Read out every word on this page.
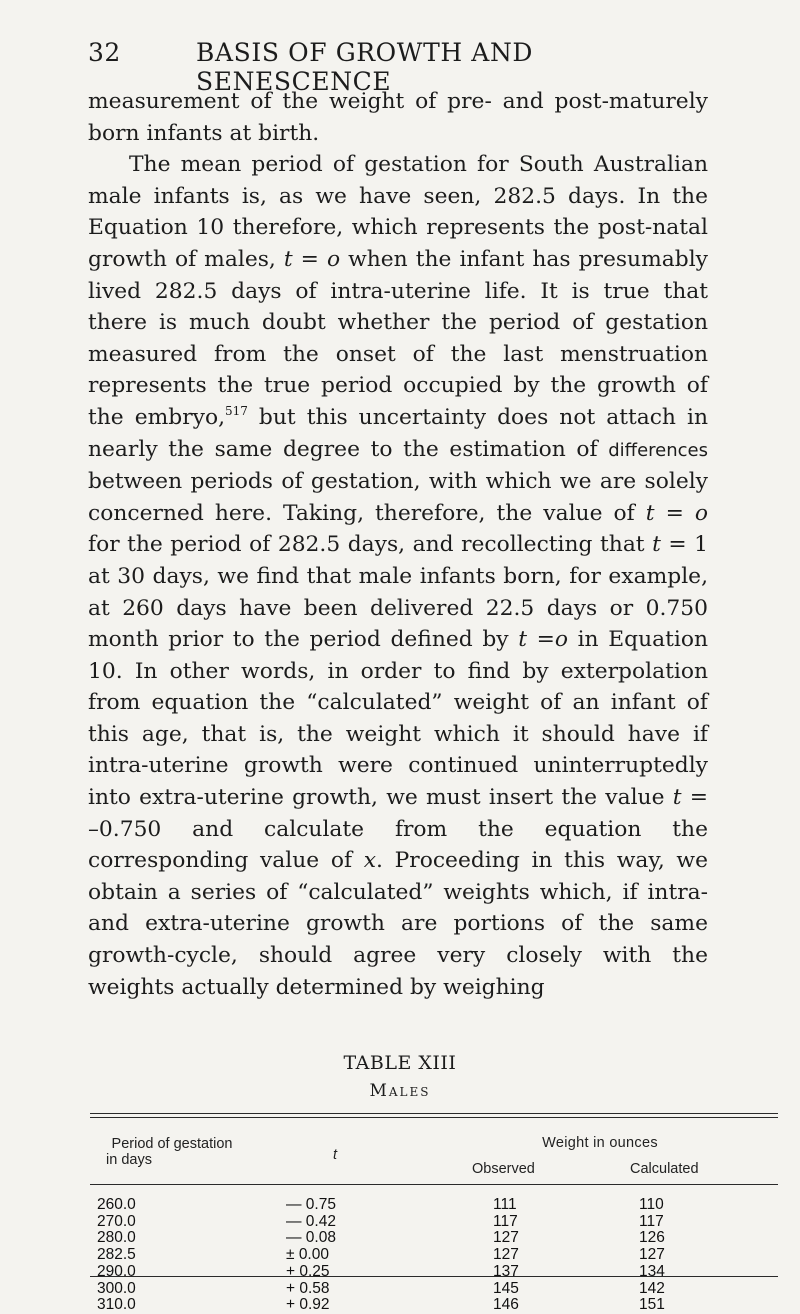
32	BASIS OF GROWTH AND SENESCENCE

measurement of the weight of pre- and post-maturely born infants at birth.

The mean period of gestation for South Australian male infants is, as we have seen, 282.5 days. In the Equation 10 therefore, which represents the post-natal growth of males, t = o when the infant has presumably lived 282.5 days of intra-uterine life. It is true that there is much doubt whether the period of gestation measured from the onset of the last menstruation represents the true period occupied by the growth of the embryo,$^{517}$ but this uncertainty does not attach in nearly the same degree to the estimation of differences between periods of gestation, with which we are solely concerned here. Taking, therefore, the value of t = o for the period of 282.5 days, and recollecting that t = 1 at 30 days, we find that male infants born, for example, at 260 days have been delivered 22.5 days or 0.750 month prior to the period defined by t =o in Equation 10. In other words, in order to find by exterpolation from equation the “calculated” weight of an infant of this age, that is, the weight which it should have if intra-uterine growth were continued uninterruptedly into extra-uterine growth, we must insert the value t = –0.750 and calculate from the equation the corresponding value of x. Proceeding in this way, we obtain a series of “calculated” weights which, if intra- and extra-uterine growth are portions of the same growth-cycle, should agree very closely with the weights actually determined by weighing

TABLE XIII
Males
Period of gestation
in days	t
Weight in ounces
Observed	Calculated
260.0	— 0.75	111	110
270.0	— 0.42	117	117
280.0	— 0.08	127	126
282.5	± 0.00	127	127
290.0	+ 0.25	137	134
300.0	+ 0.58	145	142
310.0	+ 0.92	146	151
